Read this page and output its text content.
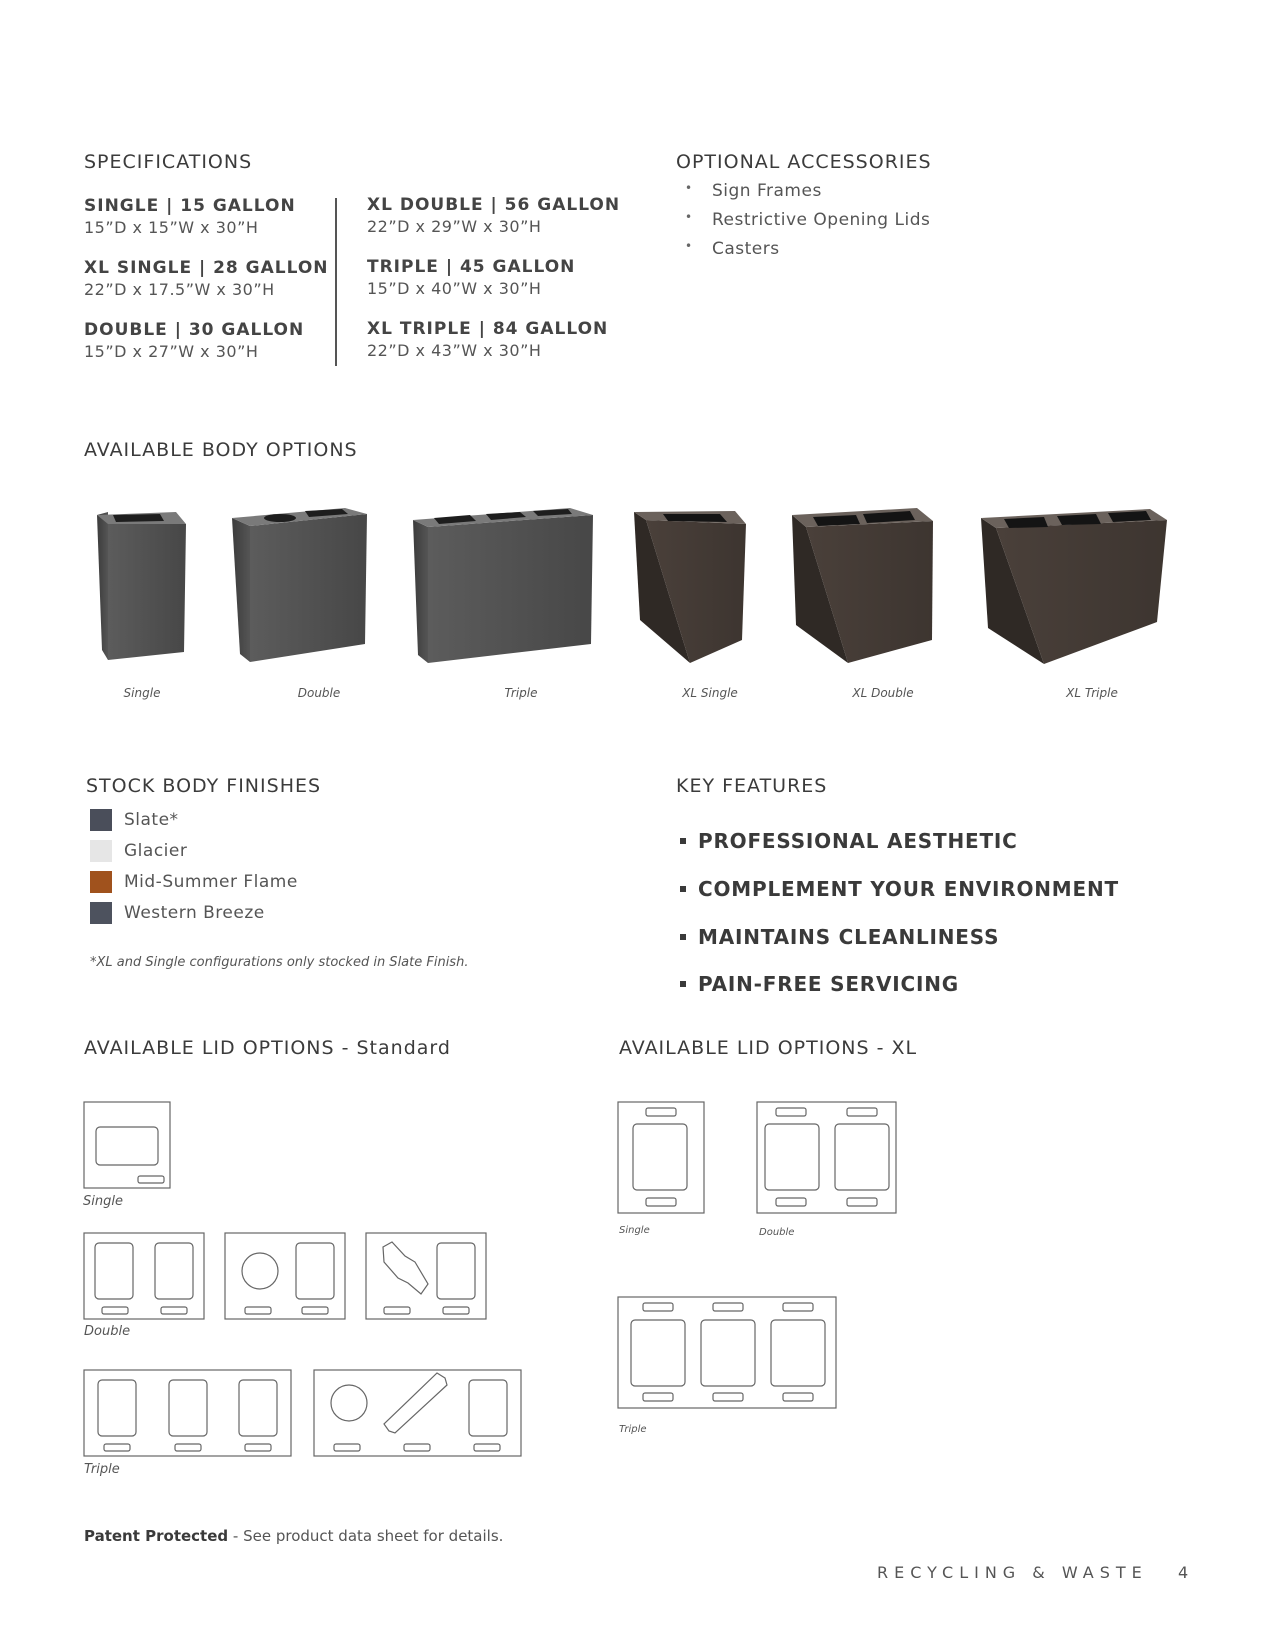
SPECIFICATIONS
SINGLE | 15 GALLON
15”D x 15”W x 30”H
XL SINGLE | 28 GALLON
22”D x 17.5”W x 30”H
DOUBLE | 30 GALLON
15”D x 27”W x 30”H
XL DOUBLE | 56 GALLON
22”D x 29”W x 30”H
TRIPLE | 45 GALLON
15”D x 40”W x 30”H
XL TRIPLE | 84 GALLON
22”D x 43”W x 30”H
OPTIONAL ACCESSORIES
• Sign Frames
• Restrictive Opening Lids
• Casters
AVAILABLE BODY OPTIONS
Single	Double	Triple	XL Single	XL Double	XL Triple
STOCK BODY FINISHES
Slate*
Glacier
Mid-Summer Flame
Western Breeze
*XL and Single configurations only stocked in Slate Finish.
KEY FEATURES
PROFESSIONAL AESTHETIC
COMPLEMENT YOUR ENVIRONMENT
MAINTAINS CLEANLINESS
PAIN-FREE SERVICING
AVAILABLE LID OPTIONS - Standard
Single
Double
Triple
AVAILABLE LID OPTIONS - XL
Single	Double
Triple
Patent Protected - See product data sheet for details.
RECYCLING & WASTE 4
